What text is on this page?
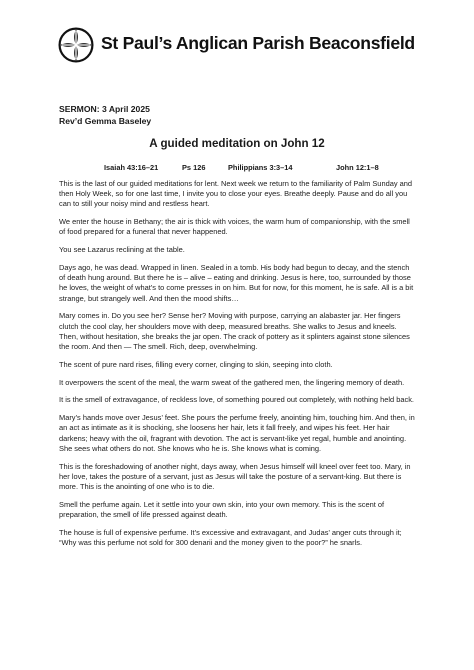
St Paul’s Anglican Parish Beaconsfield
SERMON: 3 April 2025
Rev’d Gemma Baseley
A guided meditation on John 12
Isaiah 43:16–21	Ps 126	Philippians 3:3–14	John 12:1–8

This is the last of our guided meditations for lent. Next week we return to the familiarity of Palm Sunday and then Holy Week, so for one last time, I invite you to close your eyes. Breathe deeply. Pause and do all you can to still your noisy mind and restless heart.

We enter the house in Bethany; the air is thick with voices, the warm hum of companionship, with the smell of food prepared for a funeral that never happened.

You see Lazarus reclining at the table.

Days ago, he was dead. Wrapped in linen. Sealed in a tomb. His body had begun to decay, and the stench of death hung around. But there he is – alive – eating and drinking. Jesus is here, too, surrounded by those he loves, the weight of what’s to come presses in on him. But for now, for this moment, he is safe. All is a bit strange, but strangely well. And then the mood shifts…

Mary comes in. Do you see her? Sense her? Moving with purpose, carrying an alabaster jar. Her fingers clutch the cool clay, her shoulders move with deep, measured breaths. She walks to Jesus and kneels. Then, without hesitation, she breaks the jar open. The crack of pottery as it splinters against stone silences the room. And then — The smell. Rich, deep, overwhelming.

The scent of pure nard rises, filling every corner, clinging to skin, seeping into cloth.

It overpowers the scent of the meal, the warm sweat of the gathered men, the lingering memory of death.

It is the smell of extravagance, of reckless love, of something poured out completely, with nothing held back.

Mary’s hands move over Jesus’ feet. She pours the perfume freely, anointing him, touching him. And then, in an act as intimate as it is shocking, she loosens her hair, lets it fall freely, and wipes his feet. Her hair darkens; heavy with the oil, fragrant with devotion. The act is servant-like yet regal, humble and anointing. She sees what others do not. She knows who he is. She knows what is coming.

This is the foreshadowing of another night, days away, when Jesus himself will kneel over feet too. Mary, in her love, takes the posture of a servant, just as Jesus will take the posture of a servant-king. But there is more. This is the anointing of one who is to die.

Smell the perfume again. Let it settle into your own skin, into your own memory. This is the scent of preparation, the smell of life pressed against death.

The house is full of expensive perfume. It’s excessive and extravagant, and Judas’ anger cuts through it; “Why was this perfume not sold for 300 denarii and the money given to the poor?” he snarls.
